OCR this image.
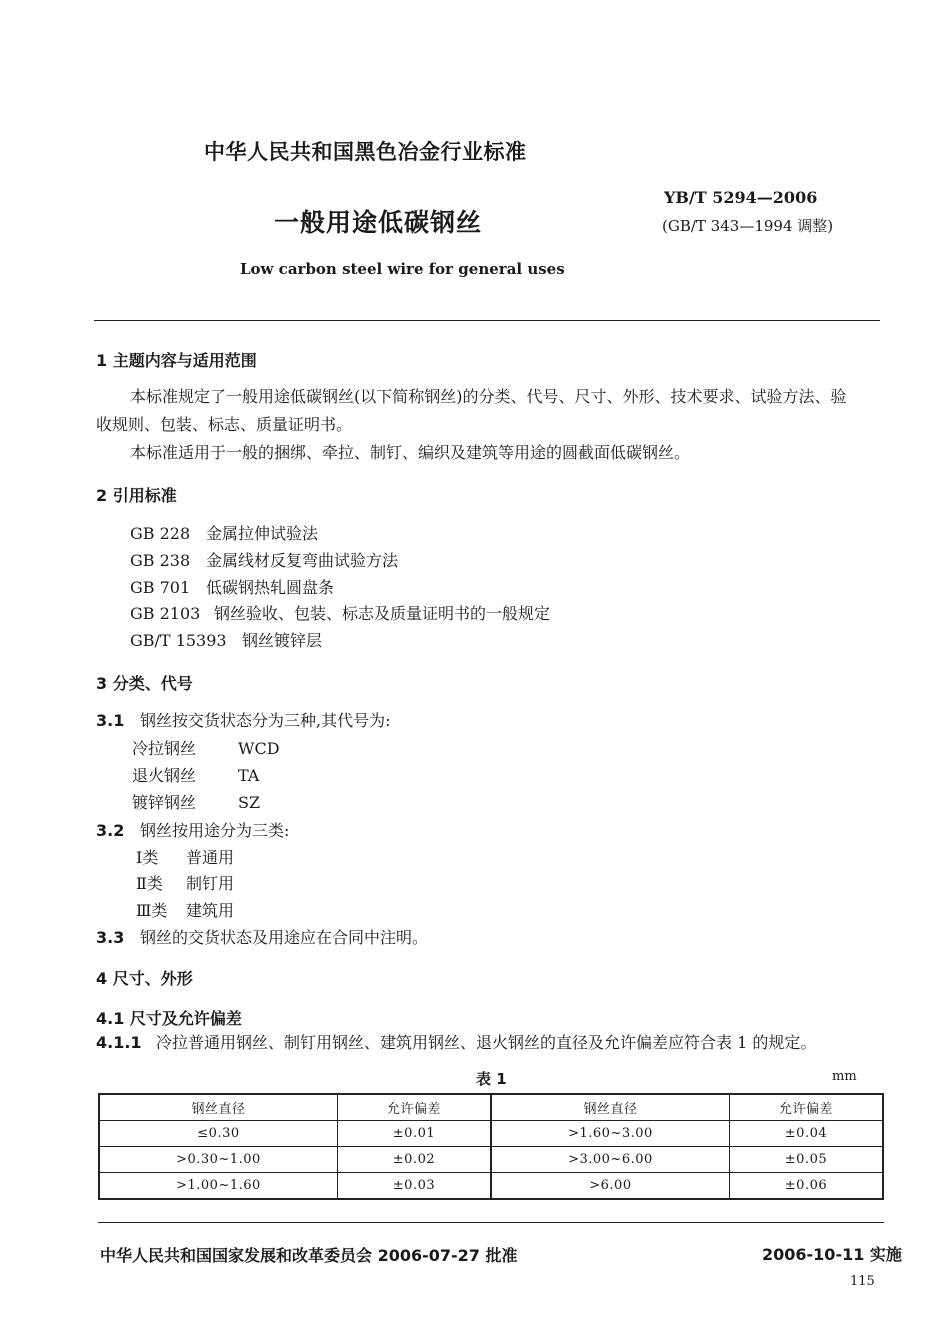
中华人民共和国黑色冶金行业标准
YB/T 5294—2006
一般用途低碳钢丝	(GB/T 343—1994 调整)
Low carbon steel wire for general uses
1 主题内容与适用范围
本标准规定了一般用途低碳钢丝(以下简称钢丝)的分类、代号、尺寸、外形、技术要求、试验方法、验
收规则、包装、标志、质量证明书。
本标准适用于一般的捆绑、牵拉、制钉、编织及建筑等用途的圆截面低碳钢丝。
2 引用标准
GB 228 金属拉伸试验法
GB 238 金属线材反复弯曲试验方法
GB 701 低碳钢热轧圆盘条
GB 2103 钢丝验收、包装、标志及质量证明书的一般规定
GB/T 15393 钢丝镀锌层
3 分类、代号
3.1 钢丝按交货状态分为三种,其代号为:
冷拉钢丝	WCD
退火钢丝	TA
镀锌钢丝	SZ
3.2 钢丝按用途分为三类:
Ⅰ类 普通用
Ⅱ类 制钉用
Ⅲ类 建筑用
3.3 钢丝的交货状态及用途应在合同中注明。
4 尺寸、外形
4.1 尺寸及允许偏差
4.1.1 冷拉普通用钢丝、制钉用钢丝、建筑用钢丝、退火钢丝的直径及允许偏差应符合表 1 的规定。
表 1	mm
钢丝直径	允许偏差	钢丝直径	允许偏差
≤0.30	±0.01	>1.60~3.00	±0.04
>0.30~1.00	±0.02	>3.00~6.00	±0.05
>1.00~1.60	±0.03	>6.00	±0.06
中华人民共和国国家发展和改革委员会 2006-07-27 批准	2006-10-11 实施
115
